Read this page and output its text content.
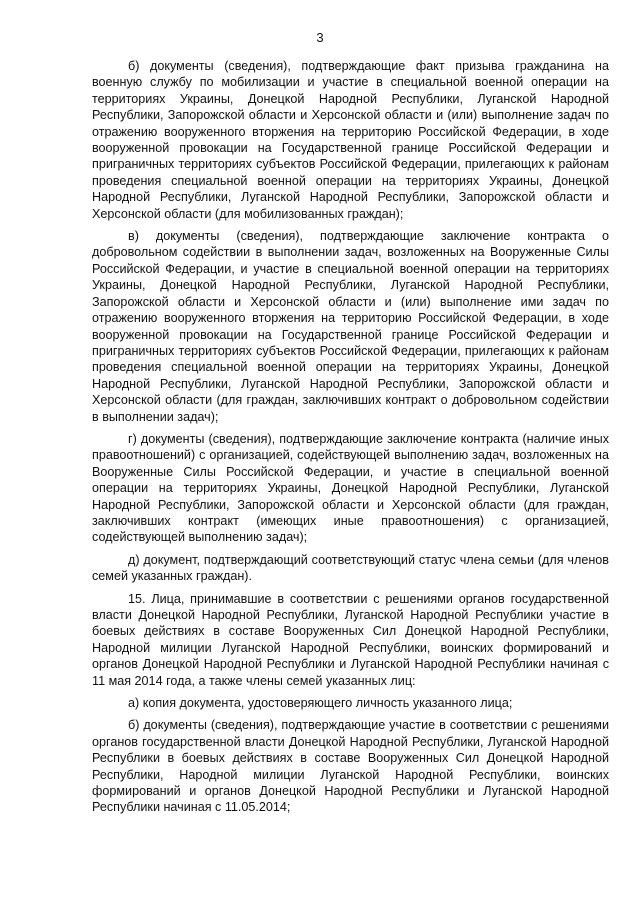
3

б) документы (сведения), подтверждающие факт призыва гражданина на военную службу по мобилизации и участие в специальной военной операции на территориях Украины, Донецкой Народной Республики, Луганской Народной Республики, Запорожской области и Херсонской области и (или) выполнение задач по отражению вооруженного вторжения на территорию Российской Федерации, в ходе вооруженной провокации на Государственной границе Российской Федерации и приграничных территориях субъектов Российской Федерации, прилегающих к районам проведения специальной военной операции на территориях Украины, Донецкой Народной Республики, Луганской Народной Республики, Запорожской области и Херсонской области (для мобилизованных граждан);

в) документы (сведения), подтверждающие заключение контракта о добровольном содействии в выполнении задач, возложенных на Вооруженные Силы Российской Федерации, и участие в специальной военной операции на территориях Украины, Донецкой Народной Республики, Луганской Народной Республики, Запорожской области и Херсонской области и (или) выполнение ими задач по отражению вооруженного вторжения на территорию Российской Федерации, в ходе вооруженной провокации на Государственной границе Российской Федерации и приграничных территориях субъектов Российской Федерации, прилегающих к районам проведения специальной военной операции на территориях Украины, Донецкой Народной Республики, Луганской Народной Республики, Запорожской области и Херсонской области (для граждан, заключивших контракт о добровольном содействии в выполнении задач);

г) документы (сведения), подтверждающие заключение контракта (наличие иных правоотношений) с организацией, содействующей выполнению задач, возложенных на Вооруженные Силы Российской Федерации, и участие в специальной военной операции на территориях Украины, Донецкой Народной Республики, Луганской Народной Республики, Запорожской области и Херсонской области (для граждан, заключивших контракт (имеющих иные правоотношения) с организацией, содействующей выполнению задач);

д) документ, подтверждающий соответствующий статус члена семьи (для членов семей указанных граждан).

15. Лица, принимавшие в соответствии с решениями органов государственной власти Донецкой Народной Республики, Луганской Народной Республики участие в боевых действиях в составе Вооруженных Сил Донецкой Народной Республики, Народной милиции Луганской Народной Республики, воинских формирований и органов Донецкой Народной Республики и Луганской Народной Республики начиная с 11 мая 2014 года, а также члены семей указанных лиц:

а) копия документа, удостоверяющего личность указанного лица;

б) документы (сведения), подтверждающие участие в соответствии с решениями органов государственной власти Донецкой Народной Республики, Луганской Народной Республики в боевых действиях в составе Вооруженных Сил Донецкой Народной Республики, Народной милиции Луганской Народной Республики, воинских формирований и органов Донецкой Народной Республики и Луганской Народной Республики начиная с 11.05.2014;
